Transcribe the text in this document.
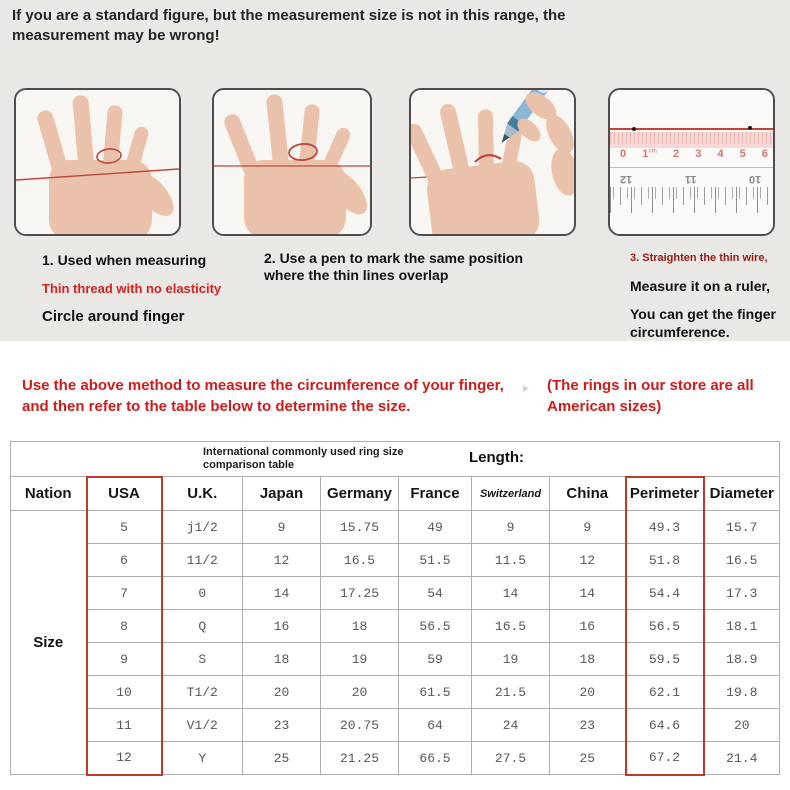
If you are a standard figure, but the measurement size is not in this range, the measurement may be wrong!
0 $1^{cm}$ 2 3 4 5 6
12	11	10
1. Used when measuring
Thin thread with no elasticity
Circle around finger
2. Use a pen to mark the same position where the thin lines overlap
3. Straighten the thin wire,
Measure it on a ruler,
You can get the finger circumference.
Use the above method to measure the circumference of your finger, and then refer to the table below to determine the size.
(The rings in our store are all American sizes)
➤
International commonly used ring size comparison table Length:									

Nation	USA	U.K.	Japan	Germany	France	Switzerland	China	Perimeter	Diameter
Size	5	j1/2	9	15.75	49	9	9	49.3	15.7
	6	11/2	12	16.5	51.5	11.5	12	51.8	16.5
	7	0	14	17.25	54	14	14	54.4	17.3
	8	Q	16	18	56.5	16.5	16	56.5	18.1
	9	S	18	19	59	19	18	59.5	18.9
	10	T1/2	20	20	61.5	21.5	20	62.1	19.8
	11	V1/2	23	20.75	64	24	23	64.6	20
	12	Y	25	21.25	66.5	27.5	25	67.2	21.4
